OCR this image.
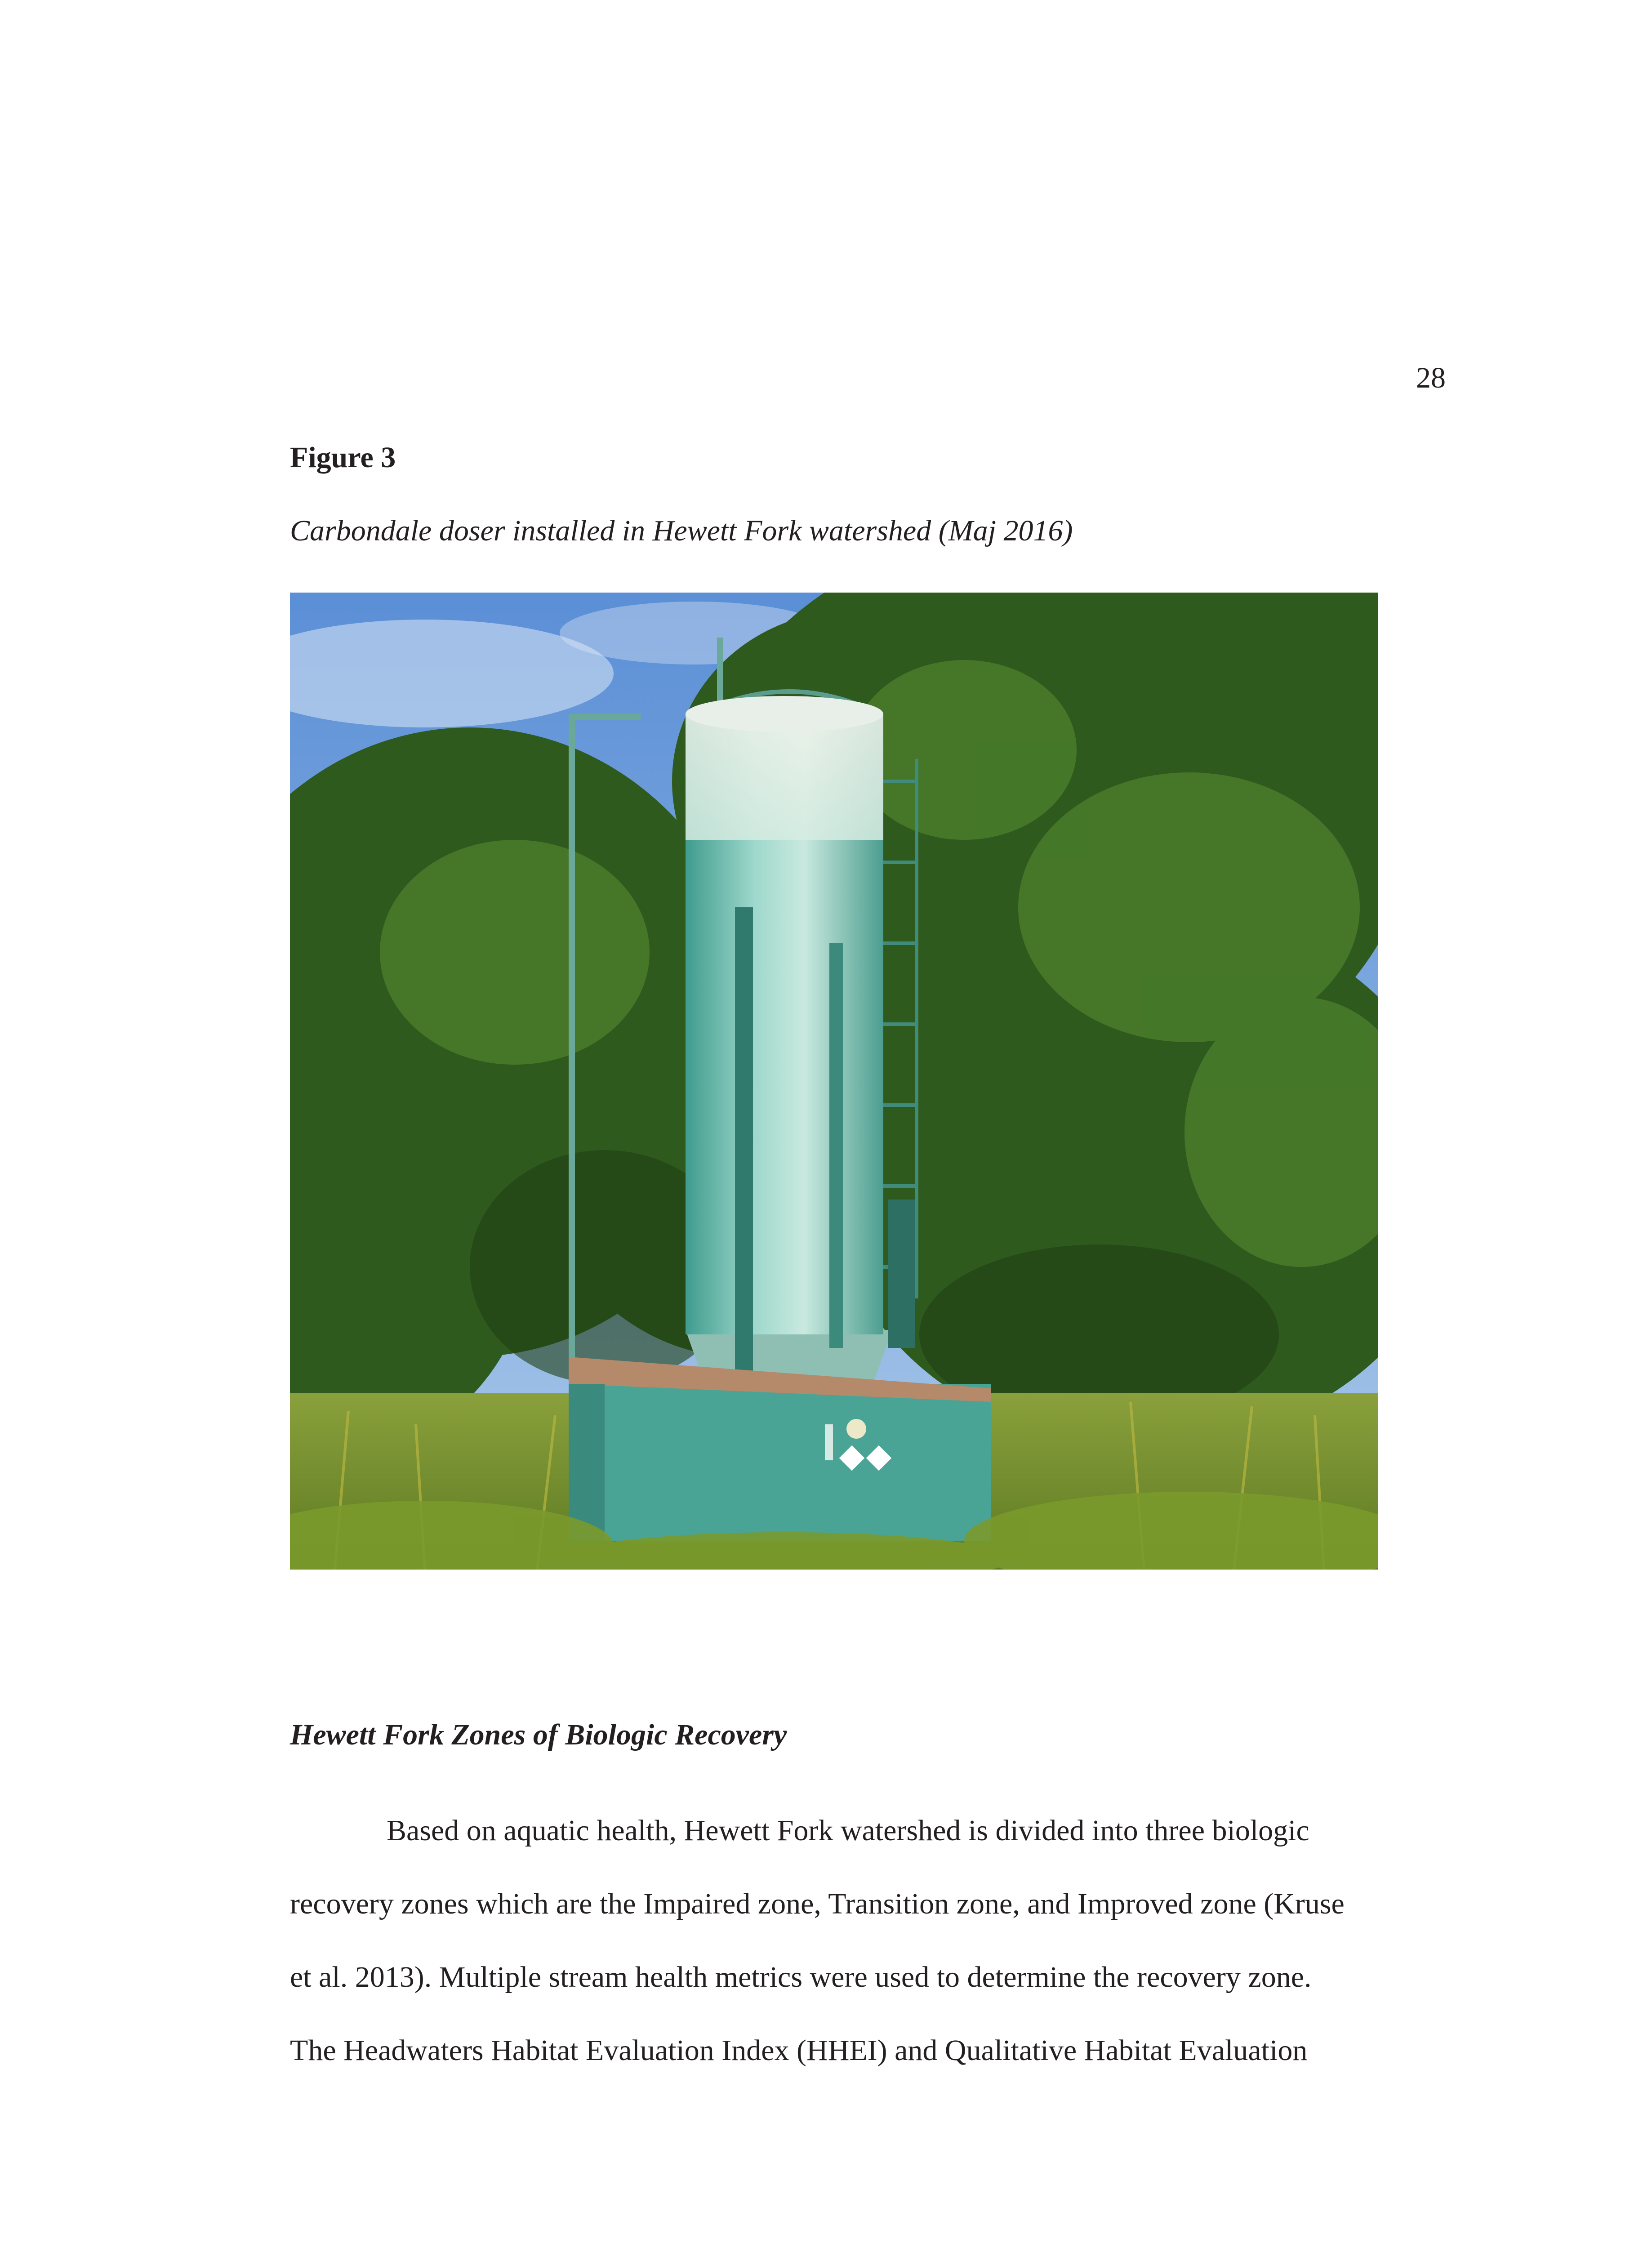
28
Figure 3
Carbondale doser installed in Hewett Fork watershed (Maj 2016)
Hewett Fork Zones of Biologic Recovery

Based on aquatic health, Hewett Fork watershed is divided into three biologic
recovery zones which are the Impaired zone, Transition zone, and Improved zone (Kruse
et al. 2013). Multiple stream health metrics were used to determine the recovery zone.
The Headwaters Habitat Evaluation Index (HHEI) and Qualitative Habitat Evaluation
